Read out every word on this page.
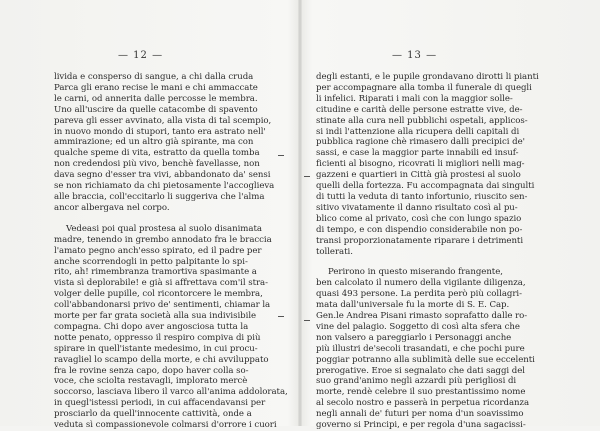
— 12 —
livida e consperso di sangue, a chi dalla cruda
Parca gli erano recise le mani e chi ammaccate
le carni, od annerita dalle percosse le membra.
Uno all'uscire da quelle catacombe di spavento
pareva gli esser avvinato, alla vista di tal scempio,
in nuovo mondo di stupori, tanto era astrato nell'
ammirazione; ed un altro già spirante, ma con
qualche speme di vita, estratto da quella tomba
non credendosi più vivo, benchè favellasse, non
dava segno d'esser tra vivi, abbandonato da' sensi
se non richiamato da chi pietosamente l'accoglieva
alle braccia, coll'eccitarlo li suggeriva che l'alma
ancor albergava nel corpo.
Vedeasi poi qual prostesa al suolo disanimata
madre, tenendo in grembo annodato fra le braccia
l'amato pegno anch'esso spirato, ed il padre per
anche scorrendogli in petto palpitante lo spi-
rito, ah! rimembranza tramortiva spasimante a
vista sì deplorabile! e già si affrettava com'il stra-
volger delle pupille, col ricontorcere le membra,
coll'abbandonarsi privo de' sentimenti, chiamar la
morte per far grata società alla sua indivisibile
compagna. Chi dopo aver angosciosa tutta la
notte penato, oppresso il respiro compiva di più
spirare in quell'istante medesimo, in cui procu-
ravagliel lo scampo della morte, e chi avviluppato
fra le rovine senza capo, dopo haver colla so-
voce, che sciolta restavagli, implorato mercè
soccorso, lasciava libero il varco all'anima addolorata,
in quegl'istessi periodi, in cui affacendavansi per
prosciarlo da quell'innocente cattività, onde a
veduta sì compassionevole colmarsi d'orrore i cuori
— 13 —
degli estanti, e le pupile grondavano dirotti li pianti
per accompagnare alla tomba il funerale di quegli
li infelici. Riparati i mali con la maggior solle-
citudine e carità delle persone estratte vive, de-
stinate alla cura nell pubblichi ospetali, applicos-
si indi l'attenzione alla ricupera delli capitali di
pubblica ragione chè rimasero dalli precipici de'
sassi, e case la maggior parte innabili ed insuf-
ficienti al bisogno, ricovrati li migliori nelli mag-
gazzeni e quartieri in Città già prostesi al suolo
quelli della fortezza. Fu accompagnata dai singulti
di tutti la veduta di tanto infortunio, riuscito sen-
sitivo vivatamente il danno risultato così al pu-
blico come al privato, così che con lungo spazio
di tempo, e con dispendio considerabile non po-
transi proporzionatamente riparare i detrimenti
tollerati.
Perirono in questo miserando frangente,
ben calcolato il numero della vigilante diligenza,
quasi 493 persone. La perdita però più collagri-
mata dall'universale fu la morte di S. E. Cap.
Gen.le Andrea Pisani rimasto soprafatto dalle ro-
vine del palagio. Soggetto di così alta sfera che
non valsero a pareggiarlo i Personaggi anche
più illustri de'secoli trasandati, e che pochi pure
poggiar potranno alla sublimità delle sue eccelenti
prerogative. Eroe si segnalato che dati saggi del
suo grand'animo negli azzardi più perigliosi di
morte, rendè celebre il suo prestantissimo nome
al secolo nostro e passerà in perpetua ricordanza
negli annali de' futuri per noma d'un soavissimo
governo si Principi, e per regola d'una sagacissi-
